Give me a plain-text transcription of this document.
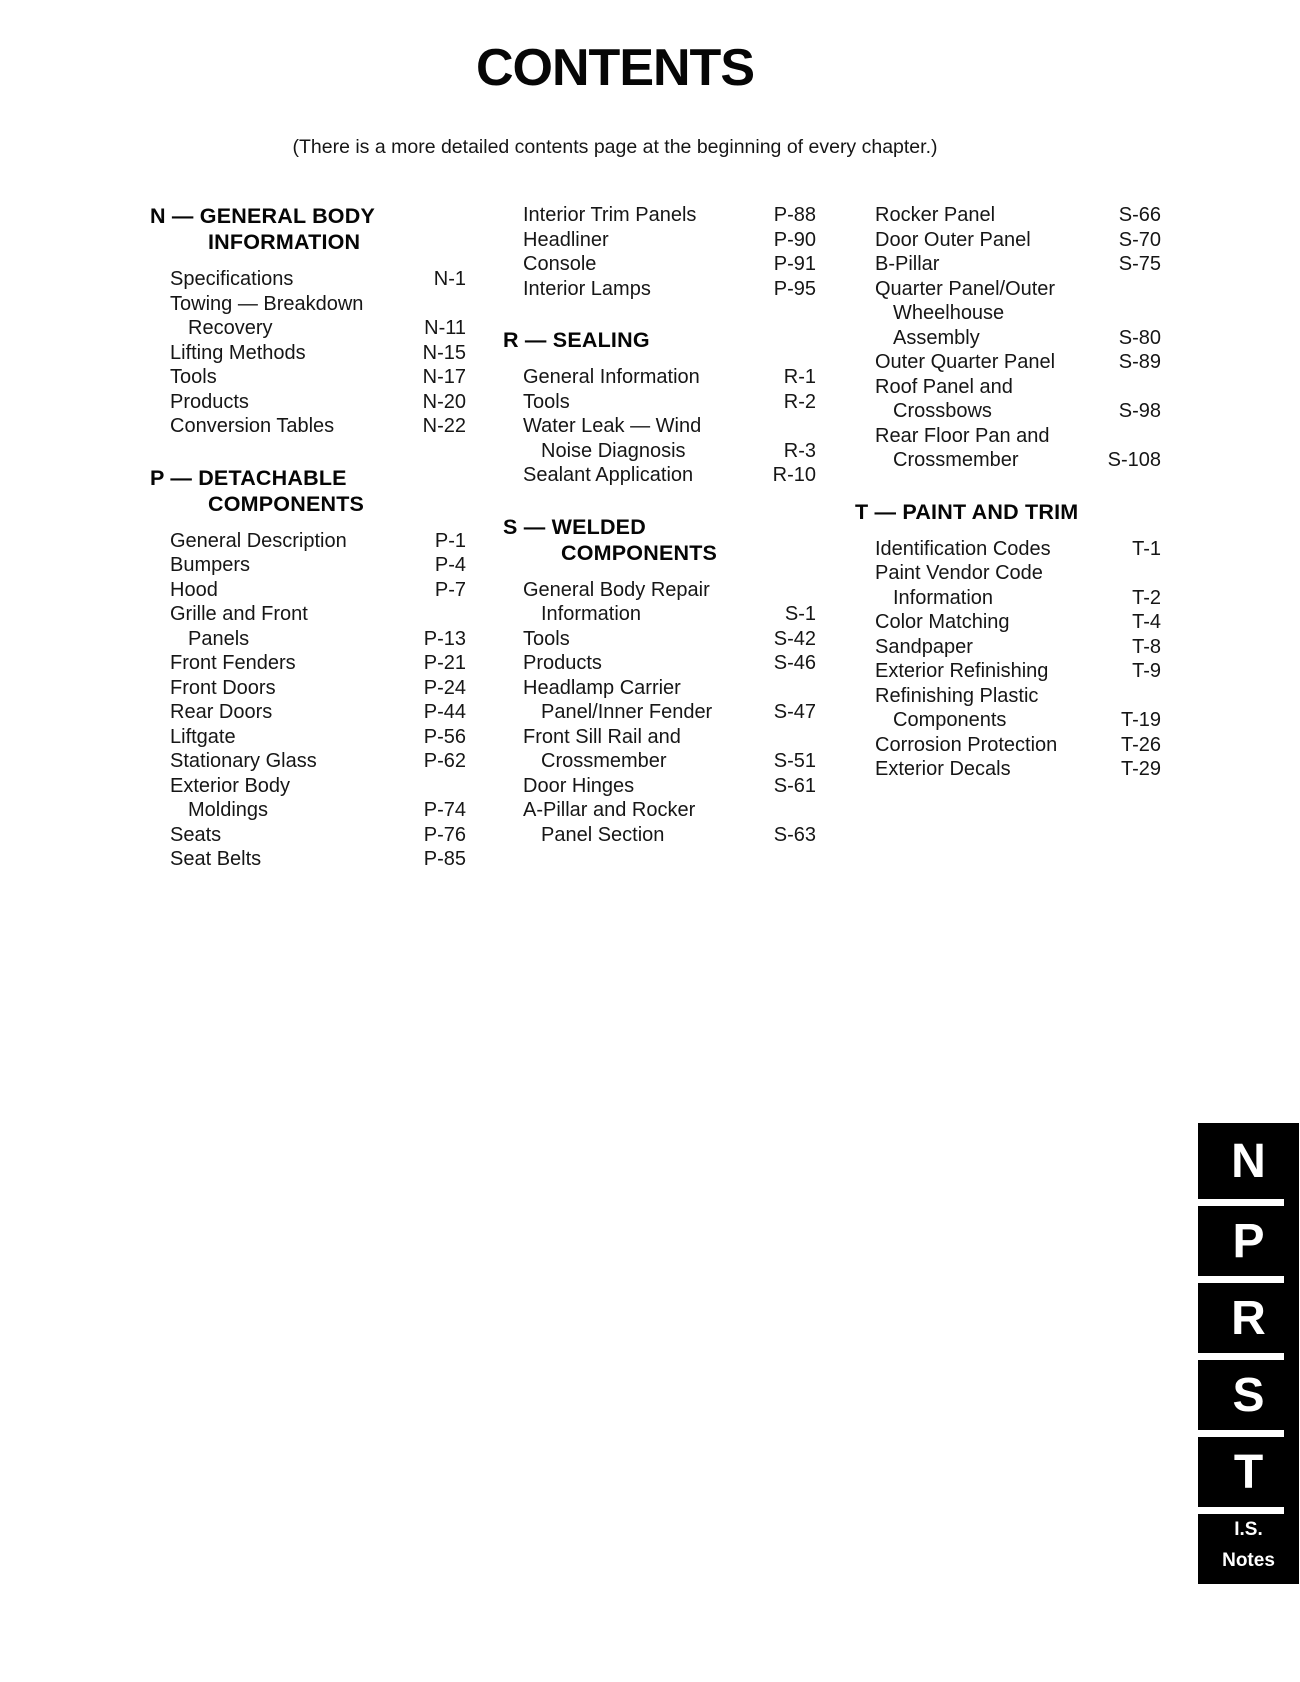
CONTENTS
(There is a more detailed contents page at the beginning of every chapter.)
N — GENERAL BODY
INFORMATION
Specifications	N-1
Towing — Breakdown
Recovery	N-11
Lifting Methods	N-15
Tools	N-17
Products	N-20
Conversion Tables	N-22
P — DETACHABLE
COMPONENTS
General Description	P-1
Bumpers	P-4
Hood	P-7
Grille and Front
Panels	P-13
Front Fenders	P-21
Front Doors	P-24
Rear Doors	P-44
Liftgate	P-56
Stationary Glass	P-62
Exterior Body
Moldings	P-74
Seats	P-76
Seat Belts	P-85
Interior Trim Panels	P-88
Headliner	P-90
Console	P-91
Interior Lamps	P-95
R — SEALING
General Information	R-1
Tools	R-2
Water Leak — Wind
Noise Diagnosis	R-3
Sealant Application	R-10
S — WELDED
COMPONENTS
General Body Repair
Information	S-1
Tools	S-42
Products	S-46
Headlamp Carrier
Panel/Inner Fender	S-47
Front Sill Rail and
Crossmember	S-51
Door Hinges	S-61
A-Pillar and Rocker
Panel Section	S-63
Rocker Panel	S-66
Door Outer Panel	S-70
B-Pillar	S-75
Quarter Panel/Outer
Wheelhouse
Assembly	S-80
Outer Quarter Panel	S-89
Roof Panel and
Crossbows	S-98
Rear Floor Pan and
Crossmember	S-108
T — PAINT AND TRIM
Identification Codes	T-1
Paint Vendor Code
Information	T-2
Color Matching	T-4
Sandpaper	T-8
Exterior Refinishing	T-9
Refinishing Plastic
Components	T-19
Corrosion Protection	T-26
Exterior Decals	T-29
N
P
R
S
T
I.S.
Notes
